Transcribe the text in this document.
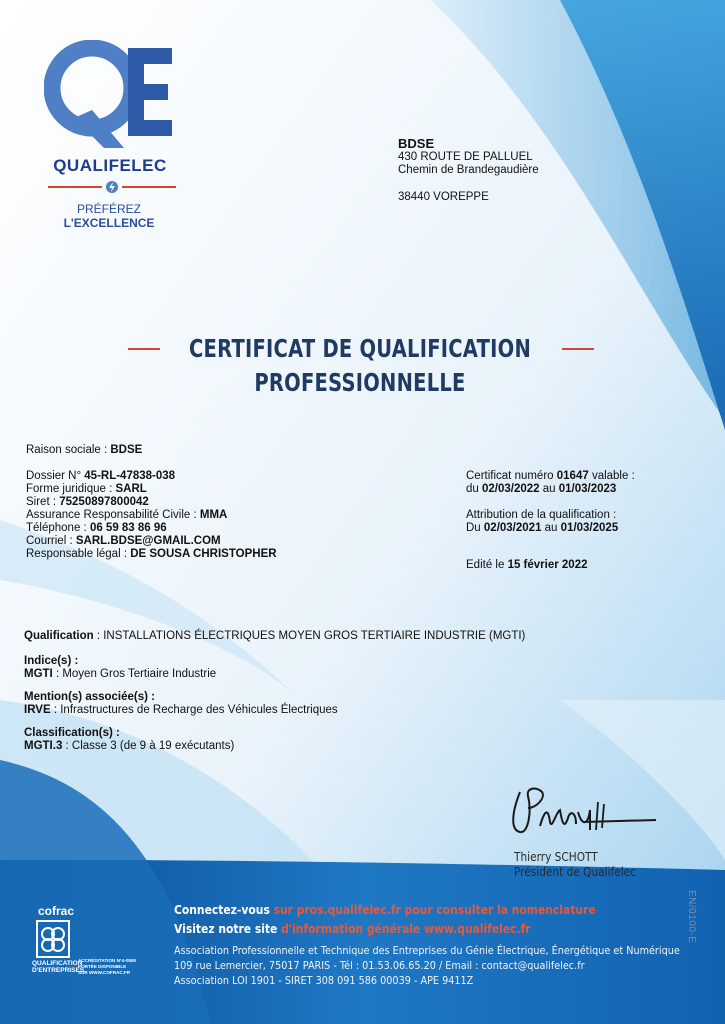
QUALIFELEC
PRÉFÉREZ L'EXCELLENCE
BDSE
430 ROUTE DE PALLUEL
Chemin de Brandegaudière
38440 VOREPPE
CERTIFICAT DE QUALIFICATION
PROFESSIONNELLE
Raison sociale : BDSE
Dossier N° 45-RL-47838-038
Forme juridique : SARL
Siret : 75250897800042
Assurance Responsabilité Civile : MMA
Téléphone : 06 59 83 86 96
Courriel : SARL.BDSE@GMAIL.COM
Responsable légal : DE SOUSA CHRISTOPHER
Certificat numéro 01647 valable :
du 02/03/2022 au 01/03/2023
Attribution de la qualification :
Du 02/03/2021 au 01/03/2025
Edité le 15 février 2022
Qualification : INSTALLATIONS ÉLECTRIQUES MOYEN GROS TERTIAIRE INDUSTRIE (MGTI)
Indice(s) :
MGTI : Moyen Gros Tertiaire Industrie
Mention(s) associée(s) :
IRVE : Infrastructures de Recharge des Véhicules Électriques
Classification(s) :
MGTI.3 : Classe 3 (de 9 à 19 exécutants)
Thierry SCHOTT
Président de Qualifelec
EN/0100-E
cofrac
QUALIFICATION
D'ENTREPRISES
ACCRÉDITATION N°4-0550
PORTÉE DISPONIBLE
SUR WWW.COFRAC.FR
Connectez-vous sur pros.qualifelec.fr pour consulter la nomenclature
Visitez notre site d'information générale www.qualifelec.fr
Association Professionnelle et Technique des Entreprises du Génie Électrique, Énergétique et Numérique
109 rue Lemercier, 75017 PARIS - Tél : 01.53.06.65.20 / Email : contact@qualifelec.fr
Association LOI 1901 - SIRET 308 091 586 00039 - APE 9411Z
